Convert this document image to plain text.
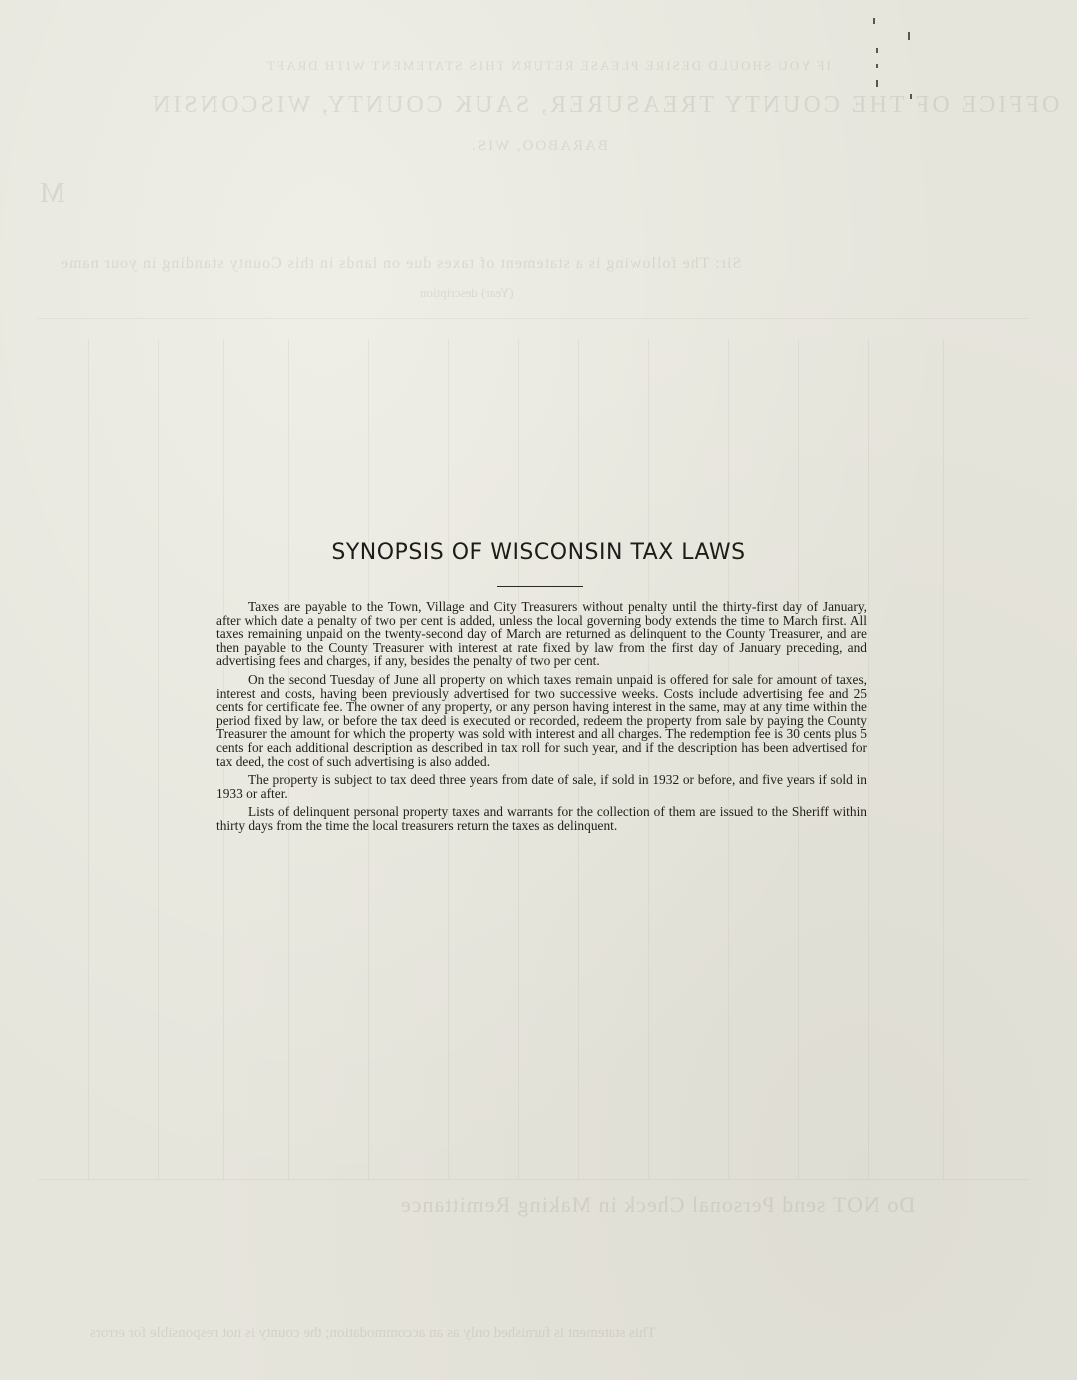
IF YOU SHOULD DESIRE PLEASE RETURN THIS STATEMENT WITH DRAFT
OFFICE OF THE COUNTY TREASURER, SAUK COUNTY, WISCONSIN
BARABOO, WIS.
M
Sir: The following is a statement of taxes due on lands in this County standing in your name
(Year) description
Do NOT send Personal Check in Making Remittance
This statement is furnished only as an accommodation; the county is not responsible for errors
SYNOPSIS OF WISCONSIN TAX LAWS

Taxes are payable to the Town, Village and City Treasurers without penalty until the thirty-first day of January, after which date a penalty of two per cent is added, unless the local governing body extends the time to March first. All taxes remaining unpaid on the twenty-second day of March are returned as delinquent to the County Treasurer, and are then payable to the County Treasurer with interest at rate fixed by law from the first day of January preceding, and advertising fees and charges, if any, besides the penalty of two per cent.

On the second Tuesday of June all property on which taxes remain unpaid is offered for sale for amount of taxes, interest and costs, having been previously advertised for two successive weeks. Costs include advertising fee and 25 cents for certificate fee. The owner of any property, or any person having interest in the same, may at any time within the period fixed by law, or before the tax deed is executed or recorded, redeem the property from sale by paying the County Treasurer the amount for which the property was sold with interest and all charges. The redemption fee is 30 cents plus 5 cents for each additional description as described in tax roll for such year, and if the description has been advertised for tax deed, the cost of such advertising is also added.

The property is subject to tax deed three years from date of sale, if sold in 1932 or before, and five years if sold in 1933 or after.

Lists of delinquent personal property taxes and warrants for the collection of them are issued to the Sheriff within thirty days from the time the local treasurers return the taxes as delinquent.
